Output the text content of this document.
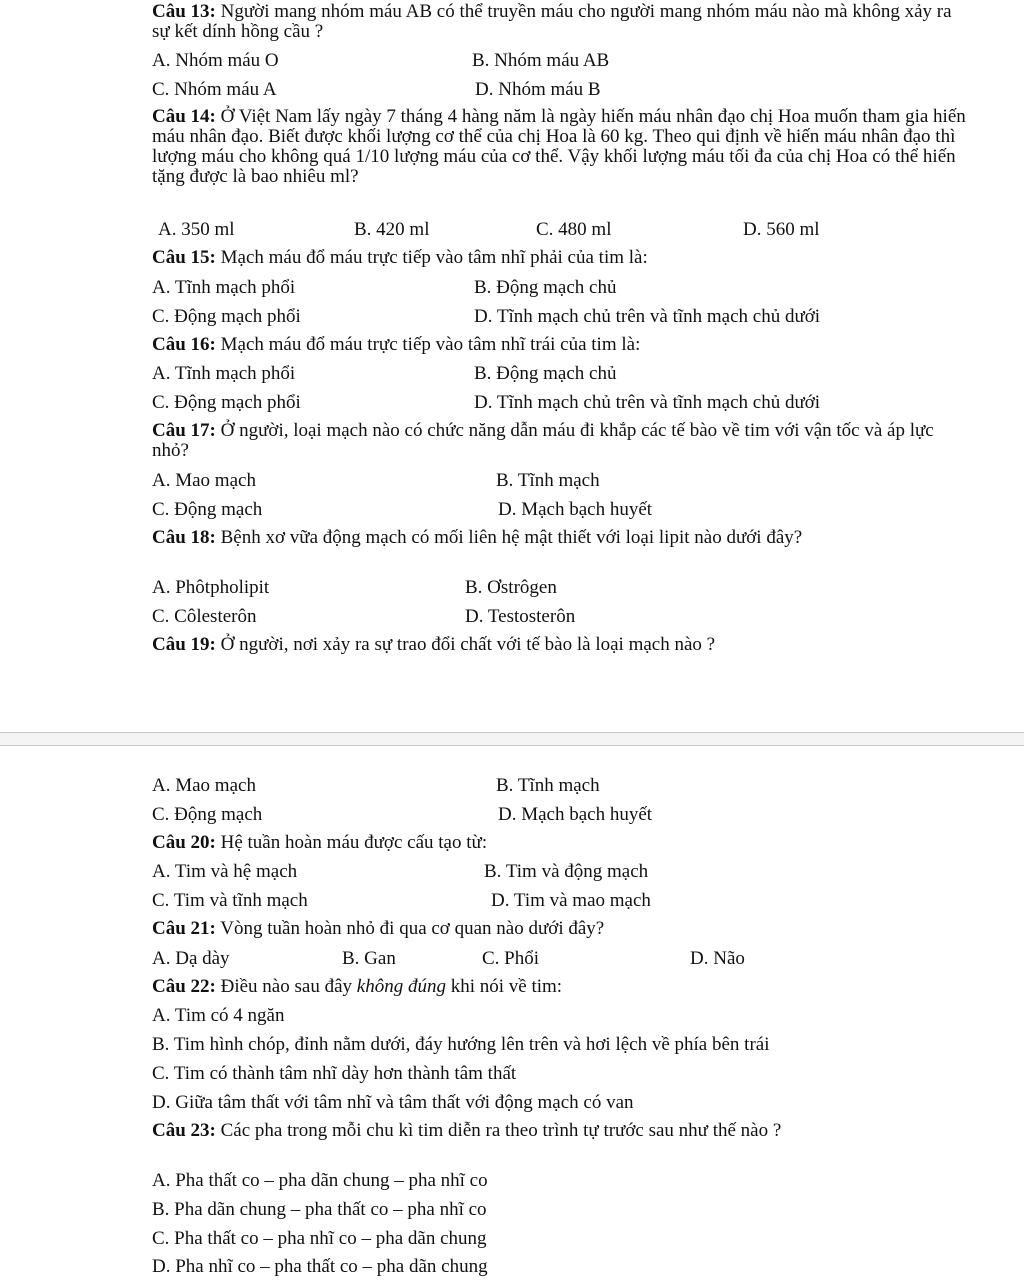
Câu 13: Người mang nhóm máu AB có thể truyền máu cho người mang nhóm máu nào mà không xảy ra sự kết dính hồng cầu ?
A. Nhóm máu O	B. Nhóm máu AB
C. Nhóm máu A	D. Nhóm máu B
Câu 14: Ở Việt Nam lấy ngày 7 tháng 4 hàng năm là ngày hiến máu nhân đạo chị Hoa muốn tham gia hiến máu nhân đạo. Biết được khối lượng cơ thể của chị Hoa là 60 kg. Theo qui định về hiến máu nhân đạo thì lượng máu cho không quá 1/10 lượng máu của cơ thể. Vậy khối lượng máu tối đa của chị Hoa có thể hiến tặng được là bao nhiêu ml?
A. 350 ml	B. 420 ml	C. 480 ml	D. 560 ml
Câu 15: Mạch máu đổ máu trực tiếp vào tâm nhĩ phải của tim là:
A. Tĩnh mạch phổi	B. Động mạch chủ
C. Động mạch phổi	D. Tĩnh mạch chủ trên và tĩnh mạch chủ dưới
Câu 16: Mạch máu đổ máu trực tiếp vào tâm nhĩ trái của tim là:
A. Tĩnh mạch phổi	B. Động mạch chủ
C. Động mạch phổi	D. Tĩnh mạch chủ trên và tĩnh mạch chủ dưới
Câu 17: Ở người, loại mạch nào có chức năng dẫn máu đi khắp các tế bào về tim với vận tốc và áp lực nhỏ?
A. Mao mạch	B. Tĩnh mạch
C. Động mạch	D. Mạch bạch huyết
Câu 18: Bệnh xơ vữa động mạch có mối liên hệ mật thiết với loại lipit nào dưới đây?
A. Phôtpholipit	B. Ơstrôgen
C. Côlesterôn	D. Testosterôn
Câu 19: Ở người, nơi xảy ra sự trao đổi chất với tế bào là loại mạch nào ?
A. Mao mạch	B. Tĩnh mạch
C. Động mạch	D. Mạch bạch huyết
Câu 20: Hệ tuần hoàn máu được cấu tạo từ:
A. Tim và hệ mạch	B. Tim và động mạch
C. Tim và tĩnh mạch	D. Tim và mao mạch
Câu 21: Vòng tuần hoàn nhỏ đi qua cơ quan nào dưới đây?
A. Dạ dày	B. Gan	C. Phổi	D. Não
Câu 22: Điều nào sau đây không đúng khi nói về tim:
A. Tim có 4 ngăn
B. Tim hình chóp, đỉnh nằm dưới, đáy hướng lên trên và hơi lệch về phía bên trái
C. Tim có thành tâm nhĩ dày hơn thành tâm thất
D. Giữa tâm thất với tâm nhĩ và tâm thất với động mạch có van
Câu 23: Các pha trong mỗi chu kì tim diễn ra theo trình tự trước sau như thế nào ?
A. Pha thất co – pha dãn chung – pha nhĩ co
B. Pha dãn chung – pha thất co – pha nhĩ co
C. Pha thất co – pha nhĩ co – pha dãn chung
D. Pha nhĩ co – pha thất co – pha dãn chung
